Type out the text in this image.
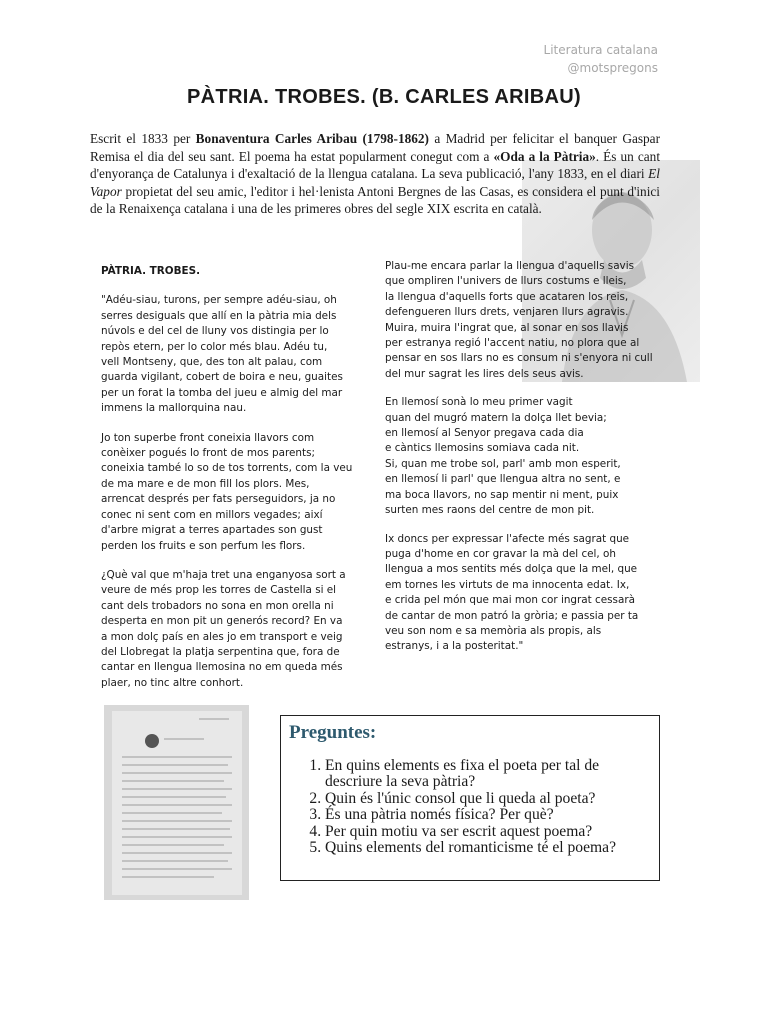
Literatura catalana
@motspregons
PÀTRIA. TROBES. (B. CARLES ARIBAU)

Escrit el 1833 per Bonaventura Carles Aribau (1798-1862) a Madrid per felicitar el banquer Gaspar Remisa el dia del seu sant. El poema ha estat popularment conegut com a «Oda a la Pàtria». És un cant d'enyorança de Catalunya i d'exaltació de la llengua catalana. La seva publicació, l'any 1833, en el diari El Vapor propietat del seu amic, l'editor i hel·lenista Antoni Bergnes de las Casas, es considera el punt d'inici de la Renaixença catalana i una de les primeres obres del segle XIX escrita en català.

PÀTRIA. TROBES.

"Adéu-siau, turons, per sempre adéu-siau, oh
serres desiguals que allí en la pàtria mia dels
núvols e del cel de lluny vos distingia per lo
repòs etern, per lo color més blau. Adéu tu,
vell Montseny, que, des ton alt palau, com
guarda vigilant, cobert de boira e neu, guaites
per un forat la tomba del jueu e almig del mar
immens la mallorquina nau.

Jo ton superbe front coneixia llavors com
conèixer pogués lo front de mos parents;
coneixia també lo so de tos torrents, com la veu
de ma mare e de mon fill los plors. Mes,
arrencat després per fats perseguidors, ja no
conec ni sent com en millors vegades; així
d'arbre migrat a terres apartades son gust
perden los fruits e son perfum les flors.

¿Què val que m'haja tret una enganyosa sort a
veure de més prop les torres de Castella si el
cant dels trobadors no sona en mon orella ni
desperta en mon pit un generós record? En va
a mon dolç país en ales jo em transport e veig
del Llobregat la platja serpentina que, fora de
cantar en llengua llemosina no em queda més
plaer, no tinc altre conhort.

Plau-me encara parlar la llengua d'aquells savis
que ompliren l'univers de llurs costums e lleis,
la llengua d'aquells forts que acataren los reis,
defengueren llurs drets, venjaren llurs agravis.
Muira, muira l'ingrat que, al sonar en sos llavis
per estranya regió l'accent natiu, no plora que al
pensar en sos llars no es consum ni s'enyora ni cull
del mur sagrat les lires dels seus avis.

En llemosí sonà lo meu primer vagit
quan del mugró matern la dolça llet bevia;
en llemosí al Senyor pregava cada dia
e càntics llemosins somiava cada nit.
Si, quan me trobe sol, parl' amb mon esperit,
en llemosí li parl' que llengua altra no sent, e
ma boca llavors, no sap mentir ni ment, puix
surten mes raons del centre de mon pit.

Ix doncs per expressar l'afecte més sagrat que
puga d'home en cor gravar la mà del cel, oh
llengua a mos sentits més dolça que la mel, que
em tornes les virtuts de ma innocenta edat. Ix,
e crida pel món que mai mon cor ingrat cessarà
de cantar de mon patró la gròria; e passia per ta
veu son nom e sa memòria als propis, als
estranys, i a la posteritat."

Preguntes:
1. En quins elements es fixa el poeta per tal de descriure la seva pàtria?
2. Quin és l'únic consol que li queda al poeta?
3. És una pàtria només física? Per què?
4. Per quin motiu va ser escrit aquest poema?
5. Quins elements del romanticisme té el poema?
